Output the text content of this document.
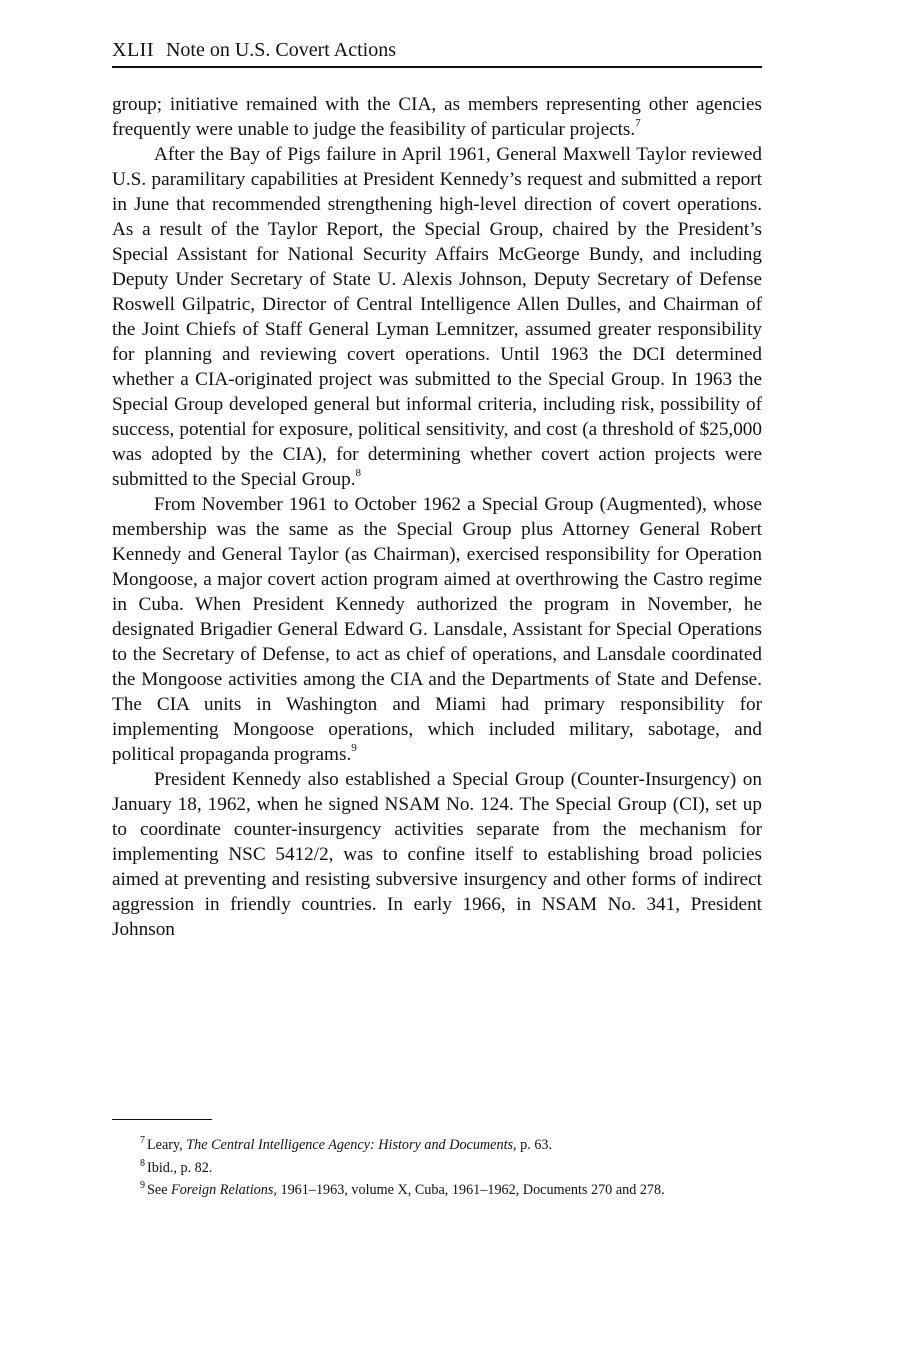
XLII Note on U.S. Covert Actions

group; initiative remained with the CIA, as members representing other agencies frequently were unable to judge the feasibility of particular projects.$^7$

After the Bay of Pigs failure in April 1961, General Maxwell Taylor reviewed U.S. paramilitary capabilities at President Kennedy’s request and submitted a report in June that recommended strengthening high-level direction of covert operations. As a result of the Taylor Report, the Special Group, chaired by the President’s Special Assistant for National Security Affairs McGeorge Bundy, and including Deputy Under Secretary of State U. Alexis Johnson, Deputy Secretary of Defense Roswell Gilpatric, Director of Central Intelligence Allen Dulles, and Chairman of the Joint Chiefs of Staff General Lyman Lemnitzer, assumed greater responsibility for planning and reviewing covert operations. Until 1963 the DCI determined whether a CIA-originated project was submitted to the Special Group. In 1963 the Special Group developed general but informal criteria, including risk, possibility of success, potential for exposure, political sensitivity, and cost (a threshold of $25,000 was adopted by the CIA), for determining whether covert action projects were submitted to the Special Group.$^8$

From November 1961 to October 1962 a Special Group (Augmented), whose membership was the same as the Special Group plus Attorney General Robert Kennedy and General Taylor (as Chairman), exercised responsibility for Operation Mongoose, a major covert action program aimed at overthrowing the Castro regime in Cuba. When President Kennedy authorized the program in November, he designated Brigadier General Edward G. Lansdale, Assistant for Special Operations to the Secretary of Defense, to act as chief of operations, and Lansdale coordinated the Mongoose activities among the CIA and the Departments of State and Defense. The CIA units in Washington and Miami had primary responsibility for implementing Mongoose operations, which included military, sabotage, and political propaganda programs.$^9$

President Kennedy also established a Special Group (Counter-Insurgency) on January 18, 1962, when he signed NSAM No. 124. The Special Group (CI), set up to coordinate counter-insurgency activities separate from the mechanism for implementing NSC 5412/2, was to confine itself to establishing broad policies aimed at preventing and resisting subversive insurgency and other forms of indirect aggression in friendly countries. In early 1966, in NSAM No. 341, President Johnson

$^7$ Leary, The Central Intelligence Agency: History and Documents, p. 63.

$^8$ Ibid., p. 82.

$^9$ See Foreign Relations, 1961–1963, volume X, Cuba, 1961–1962, Documents 270 and 278.
